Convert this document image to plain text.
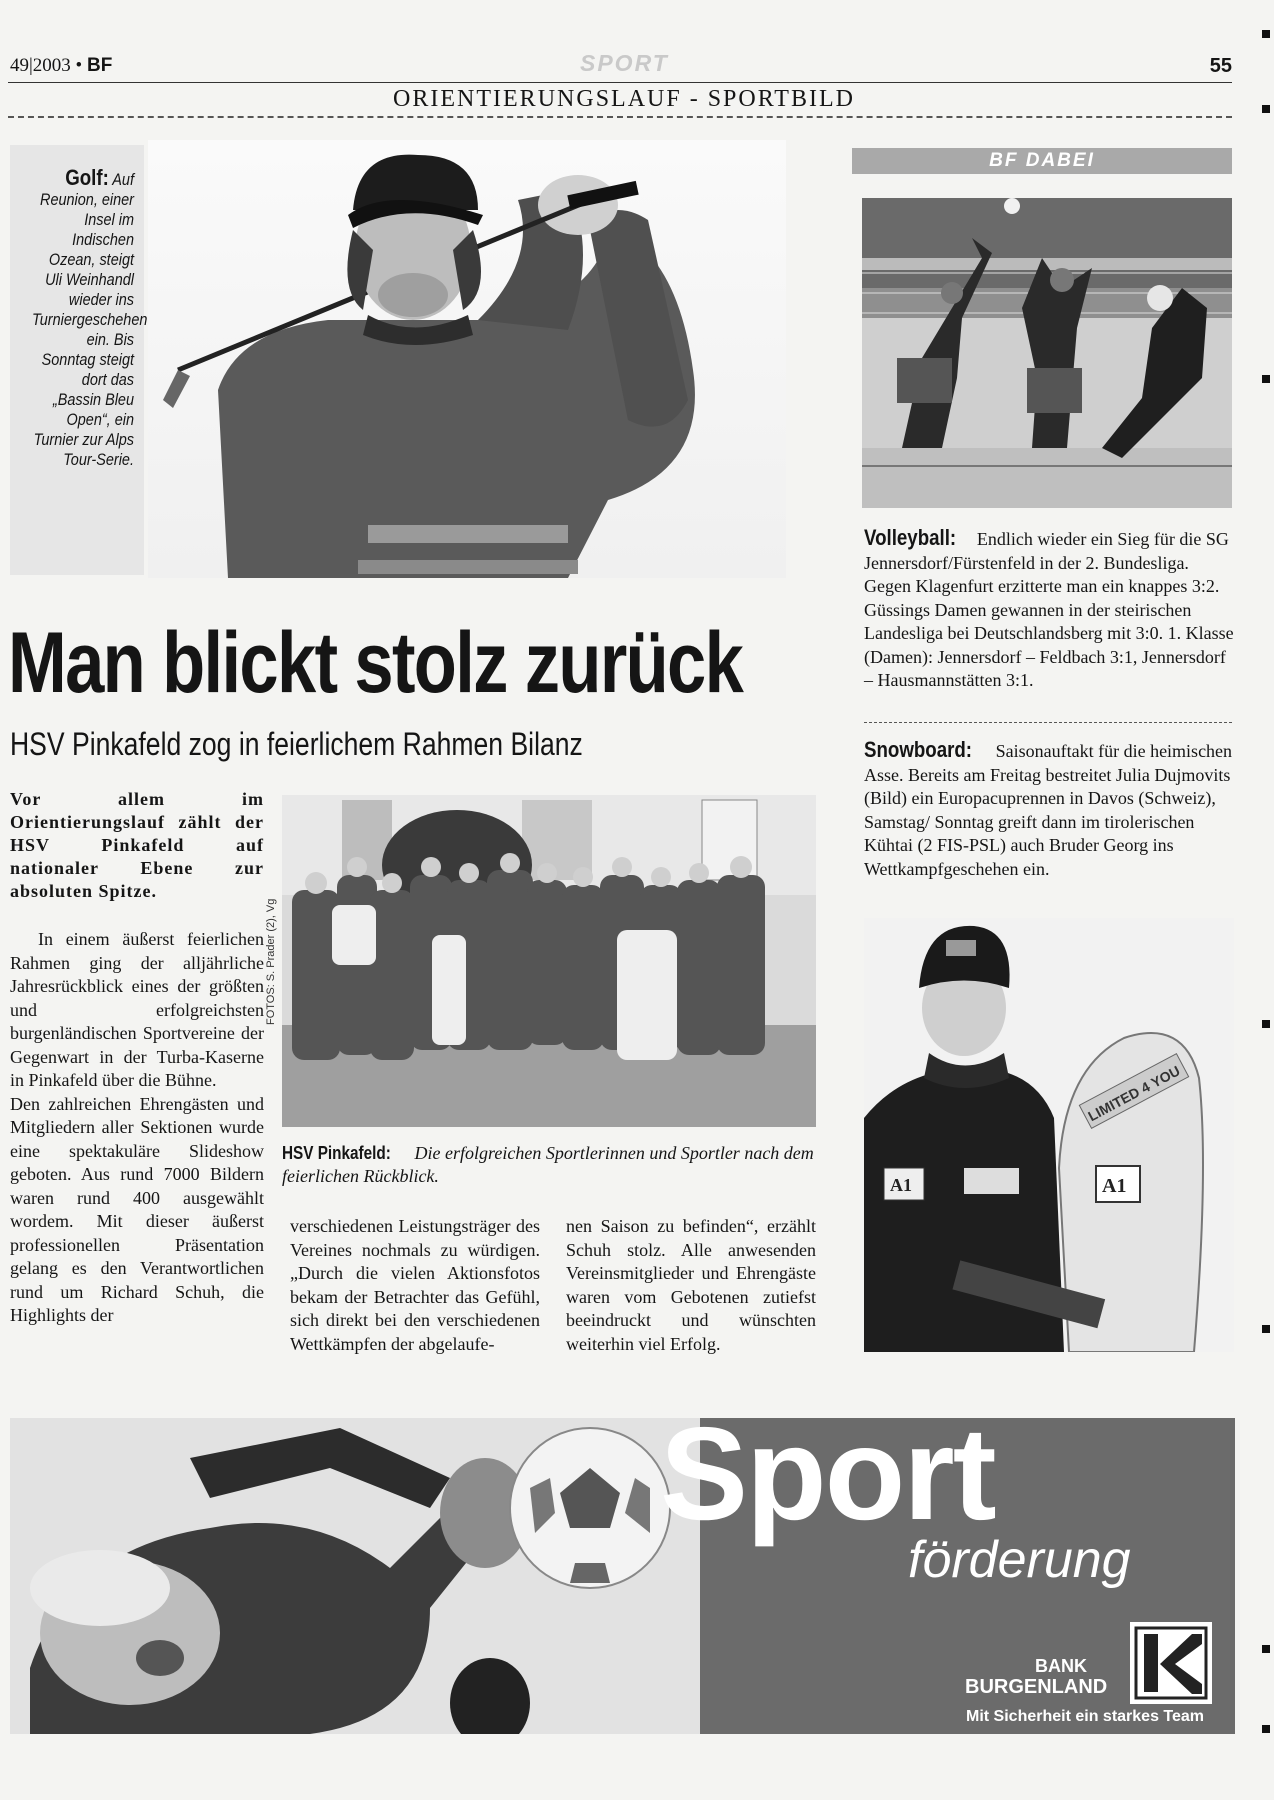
49|2003 • BF	SPORT	55
ORIENTIERUNGSLAUF - SPORTBILD
Golf: Auf Reunion, einer Insel im Indischen Ozean, steigt Uli Weinhandl wieder ins Turniergeschehen ein. Bis Sonntag steigt dort das „Bassin Bleu Open“, ein Turnier zur Alps Tour-Serie.
Man blickt stolz zurück
HSV Pinkafeld zog in feierlichem Rahmen Bilanz
Vor allem im Orientierungslauf zählt der HSV Pinkafeld auf nationaler Ebene zur absoluten Spitze.

In einem äußerst feierlichen Rahmen ging der alljährliche Jahresrückblick eines der größten und erfolgreichsten burgenländischen Sportvereine der Gegenwart in der Turba-Kaserne in Pinkafeld über die Bühne.

Den zahlreichen Ehrengästen und Mitgliedern aller Sektionen wurde eine spektakuläre Slideshow geboten. Aus rund 7000 Bildern waren rund 400 ausgewählt wordem. Mit dieser äußerst professionellen Präsentation gelang es den Verantwortlichen rund um Richard Schuh, die Highlights der

verschiedenen Leistungsträger des Vereines nochmals zu würdigen. „Durch die vielen Aktionsfotos bekam der Betrachter das Gefühl, sich direkt bei den verschiedenen Wettkämpfen der abgelaufe-
nen Saison zu befinden“, erzählt Schuh stolz. Alle anwesenden Vereinsmitglieder und Ehrengäste waren vom Gebotenen zutiefst beeindruckt und wünschten weiterhin viel Erfolg.
FOTOS: S. Prader (2), Vg
HSV Pinkafeld: Die erfolgreichen Sportlerinnen und Sportler nach dem feierlichen Rückblick.
BF DABEI
Volleyball: Endlich wieder ein Sieg für die SG Jennersdorf/Fürstenfeld in der 2. Bundesliga. Gegen Klagenfurt erzitterte man ein knappes 3:2. Güssings Damen gewannen in der steirischen Landesliga bei Deutschlandsberg mit 3:0. 1. Klasse (Damen): Jennersdorf – Feldbach 3:1, Jennersdorf – Hausmannstätten 3:1.
Snowboard: Saisonauftakt für die heimischen Asse. Bereits am Freitag bestreitet Julia Dujmovits (Bild) ein Europacuprennen in Davos (Schweiz), Samstag/ Sonntag greift dann im tirolerischen Kühtai (2 FIS-PSL) auch Bruder Georg ins Wettkampfgeschehen ein.
LIMITED 4 YOU
A1
A1
Sport
förderung
BANK
BURGENLAND
Mit Sicherheit ein starkes Team
